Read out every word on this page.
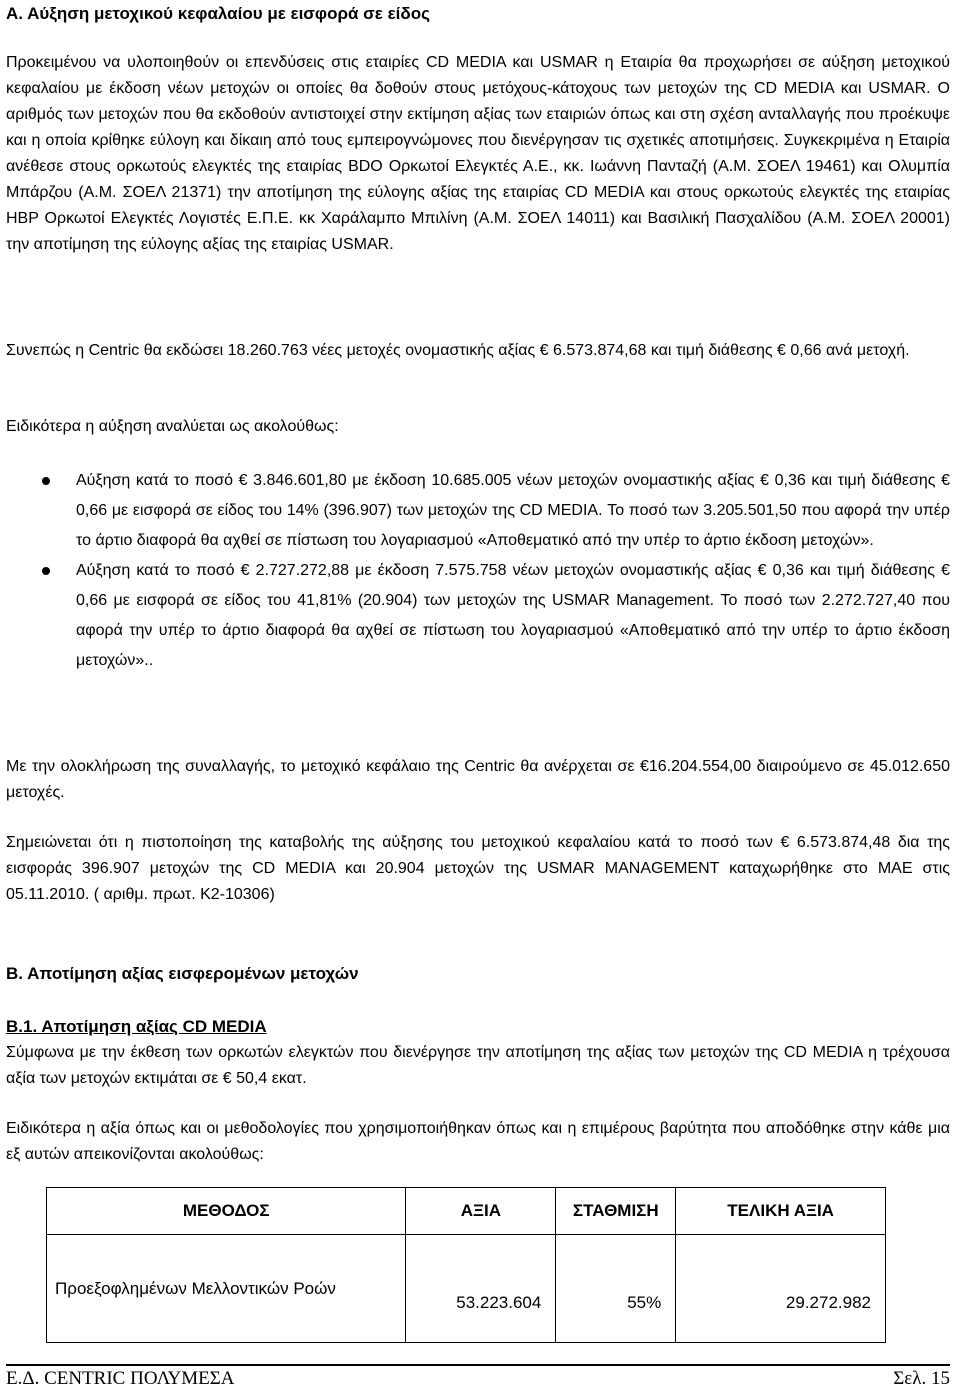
Α. Αύξηση μετοχικού κεφαλαίου με εισφορά σε είδος

Προκειμένου να υλοποιηθούν οι επενδύσεις στις εταιρίες CD MEDIA και USMAR η Εταιρία θα προχωρήσει σε αύξηση μετοχικού κεφαλαίου με έκδοση νέων μετοχών οι οποίες θα δοθούν στους μετόχους-κάτοχους των μετοχών της CD MEDIA και USMAR. Ο αριθμός των μετοχών που θα εκδοθούν αντιστοιχεί στην εκτίμηση αξίας των εταιριών όπως και στη σχέση ανταλλαγής που προέκυψε και η οποία κρίθηκε εύλογη και δίκαιη από τους εμπειρογνώμονες που διενέργησαν τις σχετικές αποτιμήσεις. Συγκεκριμένα η Εταιρία ανέθεσε στους ορκωτούς ελεγκτές της εταιρίας BDO Ορκωτοί Ελεγκτές Α.Ε., κκ. Ιωάννη Πανταζή (Α.Μ. ΣΟΕΛ 19461) και Ολυμπία Μπάρζου (Α.Μ. ΣΟΕΛ 21371) την αποτίμηση της εύλογης αξίας της εταιρίας CD MEDIA και στους ορκωτούς ελεγκτές της εταιρίας HBP Ορκωτοί Ελεγκτές Λογιστές Ε.Π.Ε. κκ Χαράλαμπο Μπιλίνη (Α.Μ. ΣΟΕΛ 14011) και Βασιλική Πασχαλίδου (Α.Μ. ΣΟΕΛ 20001) την αποτίμηση της εύλογης αξίας της εταιρίας USMAR.

Συνεπώς η Centric θα εκδώσει 18.260.763 νέες μετοχές ονομαστικής αξίας € 6.573.874,68 και τιμή διάθεσης € 0,66 ανά μετοχή.

Ειδικότερα η αύξηση αναλύεται ως ακολούθως:

Αύξηση κατά το ποσό € 3.846.601,80 με έκδοση 10.685.005 νέων μετοχών ονομαστικής αξίας € 0,36 και τιμή διάθεσης € 0,66 με εισφορά σε είδος του 14% (396.907) των μετοχών της CD MEDIA. Το ποσό των 3.205.501,50 που αφορά την υπέρ το άρτιο διαφορά θα αχθεί σε πίστωση του λογαριασμού «Αποθεματικό από την υπέρ το άρτιο έκδοση μετοχών».
Αύξηση κατά το ποσό € 2.727.272,88 με έκδοση 7.575.758 νέων μετοχών ονομαστικής αξίας € 0,36 και τιμή διάθεσης € 0,66 με εισφορά σε είδος του 41,81% (20.904) των μετοχών της USMAR Management. Το ποσό των 2.272.727,40 που αφορά την υπέρ το άρτιο διαφορά θα αχθεί σε πίστωση του λογαριασμού «Αποθεματικό από την υπέρ το άρτιο έκδοση μετοχών»..

Με την ολοκλήρωση της συναλλαγής, το μετοχικό κεφάλαιο της Centric θα ανέρχεται σε €16.204.554,00 διαιρούμενο σε 45.012.650 μετοχές.

Σημειώνεται ότι η πιστοποίηση της καταβολής της αύξησης του μετοχικού κεφαλαίου κατά το ποσό των € 6.573.874,48 δια της εισφοράς 396.907 μετοχών της CD MEDIA και 20.904 μετοχών της USMAR MANAGEMENT καταχωρήθηκε στο ΜΑΕ στις 05.11.2010. ( αριθμ. πρωτ. Κ2-10306)

Β. Αποτίμηση αξίας εισφερομένων μετοχών
Β.1. Αποτίμηση αξίας CD MEDIA

Σύμφωνα με την έκθεση των ορκωτών ελεγκτών που διενέργησε την αποτίμηση της αξίας των μετοχών της CD MEDIA η τρέχουσα αξία των μετοχών εκτιμάται σε € 50,4 εκατ.

Ειδικότερα η αξία όπως και οι μεθοδολογίες που χρησιμοποιήθηκαν όπως και η επιμέρους βαρύτητα που αποδόθηκε στην κάθε μια εξ αυτών απεικονίζονται ακολούθως:

ΜΕΘΟΔΟΣ	ΑΞΙΑ	ΣΤΑΘΜΙΣΗ	ΤΕΛΙΚΗ ΑΞΙΑ
Προεξοφλημένων Μελλοντικών Ροών	53.223.604	55%	29.272.982
Ε.Δ. CENTRIC ΠΟΛΥΜΕΣΑ	Σελ. 15
